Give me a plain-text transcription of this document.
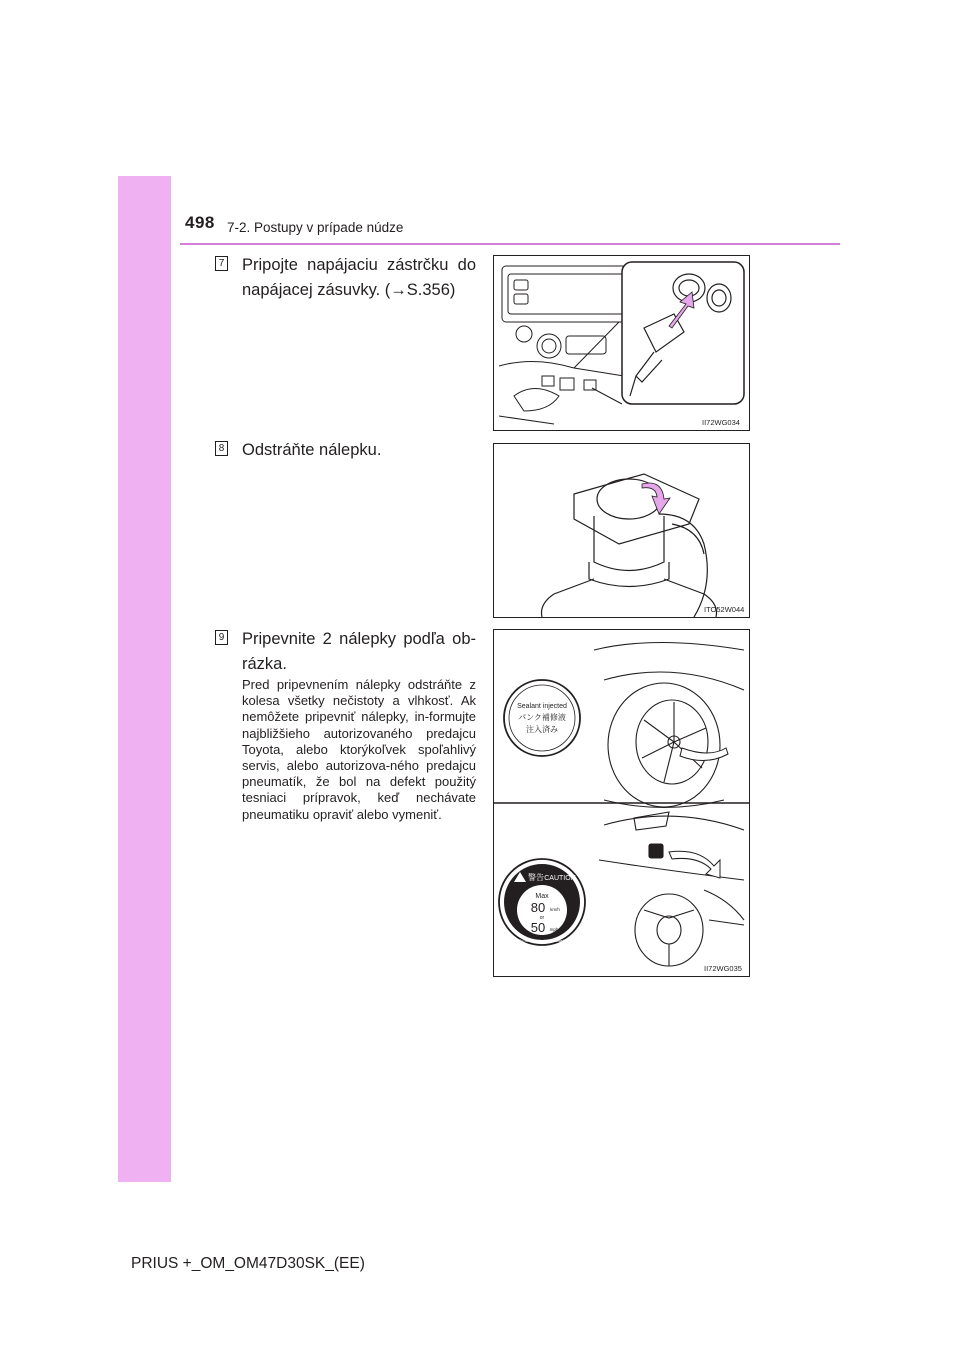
498 7-2. Postupy v prípade núdze
7 Pripojte napájaciu zástrčku do napájacej zásuvky. (→S.356)
II72WG034
8 Odstráňte nálepku.
ITO52W044
9 Pripevnite 2 nálepky podľa ob-rázka.
Pred pripevnením nálepky odstráňte z kolesa všetky nečistoty a vlhkosť. Ak nemôžete pripevniť nálepky, in-formujte najbližšieho autorizovaného predajcu Toyota, alebo ktorýkoľvek spoľahlivý servis, alebo autorizova-ného predajcu pneumatík, že bol na defekt použitý tesniaci prípravok, keď nechávate pneumatiku opraviť alebo vymeniť.
Sealant injected
パンク補修液
注入済み
警告 CAUTION
Max
80 km/h
or
50 mph
Go to a dealer immediately
II72WG035
PRIUS +_OM_OM47D30SK_(EE)
